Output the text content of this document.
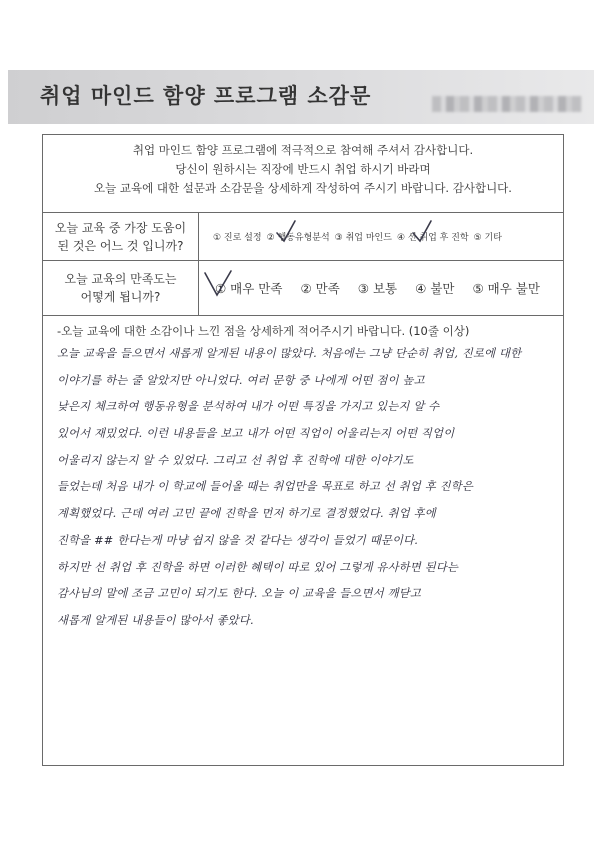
취업 마인드 함양 프로그램 소감문
취업 마인드 함양 프로그램에 적극적으로 참여해 주셔서 감사합니다.
당신이 원하시는 직장에 반드시 취업 하시기 바라며
오늘 교육에 대한 설문과 소감문을 상세하게 작성하여 주시기 바랍니다. 감사합니다.
오늘 교육 중 가장 도움이
된 것은 어느 것 입니까?
① 진로 설정 ② 행동유형분석 ③ 취업 마인드 ④ 선 취업 후 진학 ⑤ 기타
오늘 교육의 만족도는
어떻게 됩니까?
① 매우 만족 ② 만족 ③ 보통 ④ 불만 ⑤ 매우 불만
-오늘 교육에 대한 소감이나 느낀 점을 상세하게 적어주시기 바랍니다. (10줄 이상)
오늘 교육을 들으면서 새롭게 알게된 내용이 많았다. 처음에는 그냥 단순히 취업, 진로에 대한
이야기를 하는 줄 알았지만 아니었다. 여러 문항 중 나에게 어떤 점이 높고
낮은지 체크하여 행동유형을 분석하여 내가 어떤 특징을 가지고 있는지 알 수
있어서 재밌었다. 이런 내용들을 보고 내가 어떤 직업이 어울리는지 어떤 직업이
어울리지 않는지 알 수 있었다. 그리고 선 취업 후 진학에 대한 이야기도
들었는데 처음 내가 이 학교에 들어올 때는 취업만을 목표로 하고 선 취업 후 진학은
계획했었다. 근데 여러 고민 끝에 진학을 먼저 하기로 결정했었다. 취업 후에
진학을 ## 한다는게 마냥 쉽지 않을 것 같다는 생각이 들었기 때문이다.
하지만 선 취업 후 진학을 하면 이러한 혜택이 따로 있어 그렇게 유사하면 된다는
감사님의 말에 조금 고민이 되기도 한다. 오늘 이 교육을 들으면서 깨닫고
새롭게 알게된 내용들이 많아서 좋았다.
